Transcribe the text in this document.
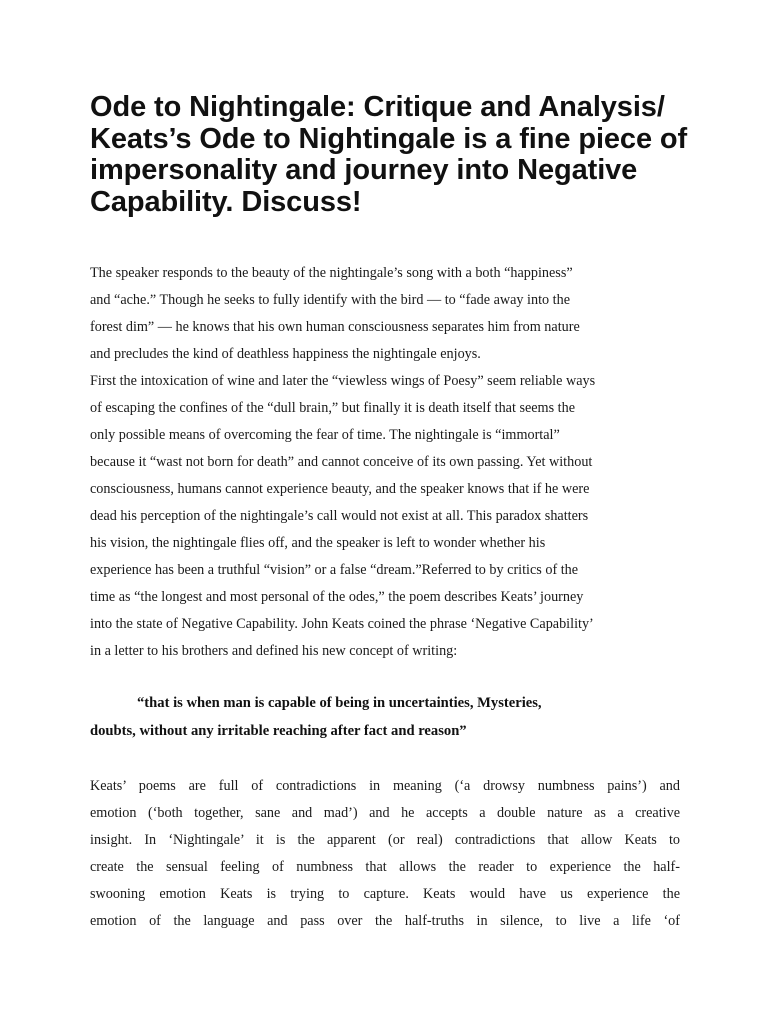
Ode to Nightingale: Critique and Analysis/ Keats’s Ode to Nightingale is a fine piece of impersonality and journey into Negative Capability. Discuss!

The speaker responds to the beauty of the nightingale’s song with a both “happiness”
and “ache.” Though he seeks to fully identify with the bird — to “fade away into the
forest dim” — he knows that his own human consciousness separates him from nature
and precludes the kind of deathless happiness the nightingale enjoys.
First the intoxication of wine and later the “viewless wings of Poesy” seem reliable ways
of escaping the confines of the “dull brain,” but finally it is death itself that seems the
only possible means of overcoming the fear of time. The nightingale is “immortal”
because it “wast not born for death” and cannot conceive of its own passing. Yet without
consciousness, humans cannot experience beauty, and the speaker knows that if he were
dead his perception of the nightingale’s call would not exist at all. This paradox shatters
his vision, the nightingale flies off, and the speaker is left to wonder whether his
experience has been a truthful “vision” or a false “dream.”Referred to by critics of the
time as “the longest and most personal of the odes,” the poem describes Keats’ journey
into the state of Negative Capability. John Keats coined the phrase ‘Negative Capability’
in a letter to his brothers and defined his new concept of writing:

“that is when man is capable of being in uncertainties, Mysteries,
doubts, without any irritable reaching after fact and reason”

Keats’ poems are full of contradictions in meaning (‘a drowsy numbness pains’) and
emotion (‘both together, sane and mad’) and he accepts a double nature as a creative
insight. In ‘Nightingale’ it is the apparent (or real) contradictions that allow Keats to
create the sensual feeling of numbness that allows the reader to experience the half-
swooning emotion Keats is trying to capture. Keats would have us experience the
emotion of the language and pass over the half-truths in silence, to live a life ‘of
